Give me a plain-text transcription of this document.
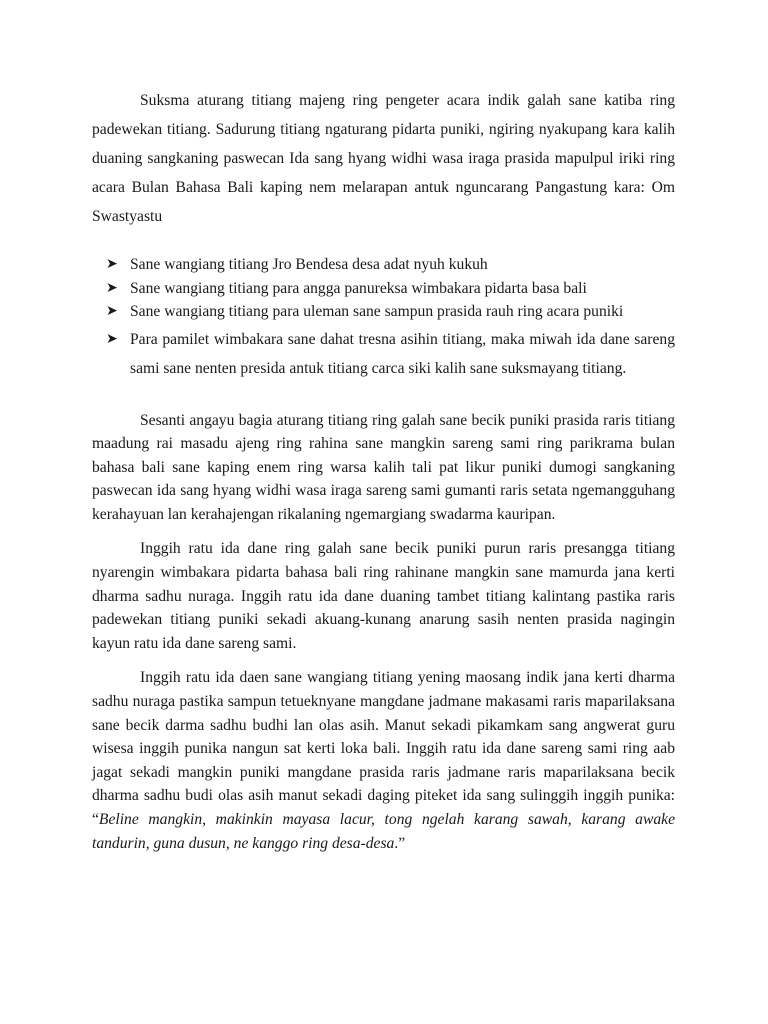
Suksma aturang titiang majeng ring pengeter acara indik galah sane katiba ring padewekan titiang. Sadurung titiang ngaturang pidarta puniki, ngiring nyakupang kara kalih duaning sangkaning paswecan Ida sang hyang widhi wasa iraga prasida mapulpul iriki ring acara Bulan Bahasa Bali kaping nem melarapan antuk nguncarang Pangastung kara: Om Swastyastu

➤ Sane wangiang titiang Jro Bendesa desa adat nyuh kukuh
➤ Sane wangiang titiang para angga panureksa wimbakara pidarta basa bali
➤ Sane wangiang titiang para uleman sane sampun prasida rauh ring acara puniki
➤ Para pamilet wimbakara sane dahat tresna asihin titiang, maka miwah ida dane sareng sami sane nenten presida antuk titiang carca siki kalih sane suksmayang titiang.

Sesanti angayu bagia aturang titiang ring galah sane becik puniki prasida raris titiang maadung rai masadu ajeng ring rahina sane mangkin sareng sami ring parikrama bulan bahasa bali sane kaping enem ring warsa kalih tali pat likur puniki dumogi sangkaning paswecan ida sang hyang widhi wasa iraga sareng sami gumanti raris setata ngemangguhang kerahayuan lan kerahajengan rikalaning ngemargiang swadarma kauripan.

Inggih ratu ida dane ring galah sane becik puniki purun raris presangga titiang nyarengin wimbakara pidarta bahasa bali ring rahinane mangkin sane mamurda jana kerti dharma sadhu nuraga. Inggih ratu ida dane duaning tambet titiang kalintang pastika raris padewekan titiang puniki sekadi akuang-kunang anarung sasih nenten prasida nagingin kayun ratu ida dane sareng sami.

Inggih ratu ida daen sane wangiang titiang yening maosang indik jana kerti dharma sadhu nuraga pastika sampun tetueknyane mangdane jadmane makasami raris maparilaksana sane becik darma sadhu budhi lan olas asih. Manut sekadi pikamkam sang angwerat guru wisesa inggih punika nangun sat kerti loka bali. Inggih ratu ida dane sareng sami ring aab jagat sekadi mangkin puniki mangdane prasida raris jadmane raris maparilaksana becik dharma sadhu budi olas asih manut sekadi daging piteket ida sang sulinggih inggih punika: “Beline mangkin, makinkin mayasa lacur, tong ngelah karang sawah, karang awake tandurin, guna dusun, ne kanggo ring desa-desa.”
